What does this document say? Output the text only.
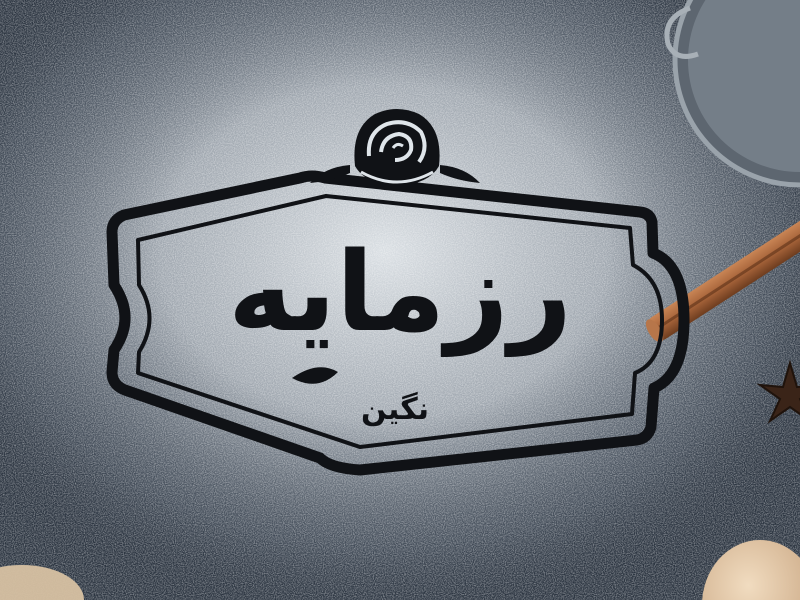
رزمایه
نگین
